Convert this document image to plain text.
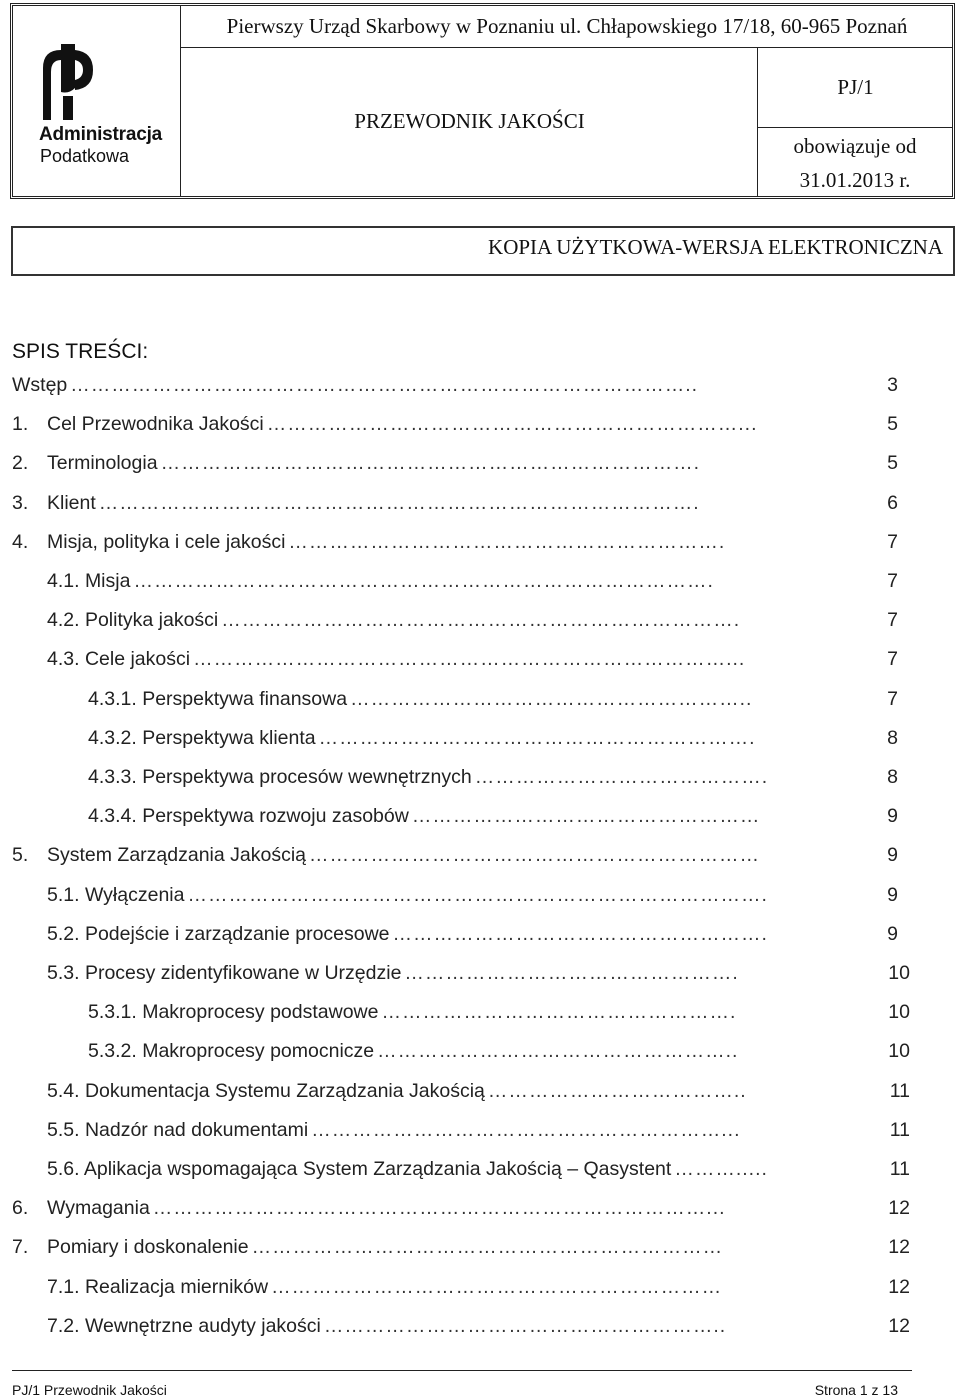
Administracja
Podatkowa
Pierwszy Urząd Skarbowy w Poznaniu ul. Chłapowskiego 17/18, 60-965 Poznań
PRZEWODNIK JAKOŚCI
PJ/1
obowiązuje od
31.01.2013 r.
KOPIA UŻYTKOWA-WERSJA ELEKTRONICZNA
SPIS TREŚCI:
Wstęp ………………………………………………………………………………..	3
1. Cel Przewodnika Jakości ……………………………………………………………...	5
2. Terminologia …………………………………………………………………….	5
3. Klient …………………………………………………………………………….	6
4. Misja, polityka i cele jakości ……………………………………………………….	7
4.1. Misja ………………………………………………………………………….	7
4.2. Polityka jakości ………………………………………………………………….	7
4.3. Cele jakości ……………………………………………………………………...	7
4.3.1. Perspektywa finansowa …………………………………………………..	7
4.3.2. Perspektywa klienta ……………………………………………………….	8
4.3.3. Perspektywa procesów wewnętrznych …………………………………….	8
4.3.4. Perspektywa rozwoju zasobów ……………………………………………	9
5. System Zarządzania Jakością …………………………………………………………	9
5.1. Wyłączenia ………………………………………………………………………….	9
5.2. Podejście i zarządzanie procesowe ……………………………………………….	9
5.3. Procesy zidentyfikowane w Urzędzie ………………………………………….	10
5.3.1. Makroprocesy podstawowe …………………………………………….	10
5.3.2. Makroprocesy pomocnicze ……………………………………………..	10
5.4. Dokumentacja Systemu Zarządzania Jakością ………………………………..	11
5.5. Nadzór nad dokumentami ……………………………………………………...	11
5.6. Aplikacja wspomagająca System Zarządzania Jakością – Qasystent ……….....	11
6. Wymagania ………………………………………………………………………...	12
7. Pomiary i doskonalenie ……………………………………………………………	12
7.1. Realizacja mierników …………………………………………………………	12
7.2. Wewnętrzne audyty jakości …………………………………………………..	12
PJ/1 Przewodnik Jakości	Strona 1 z 13
